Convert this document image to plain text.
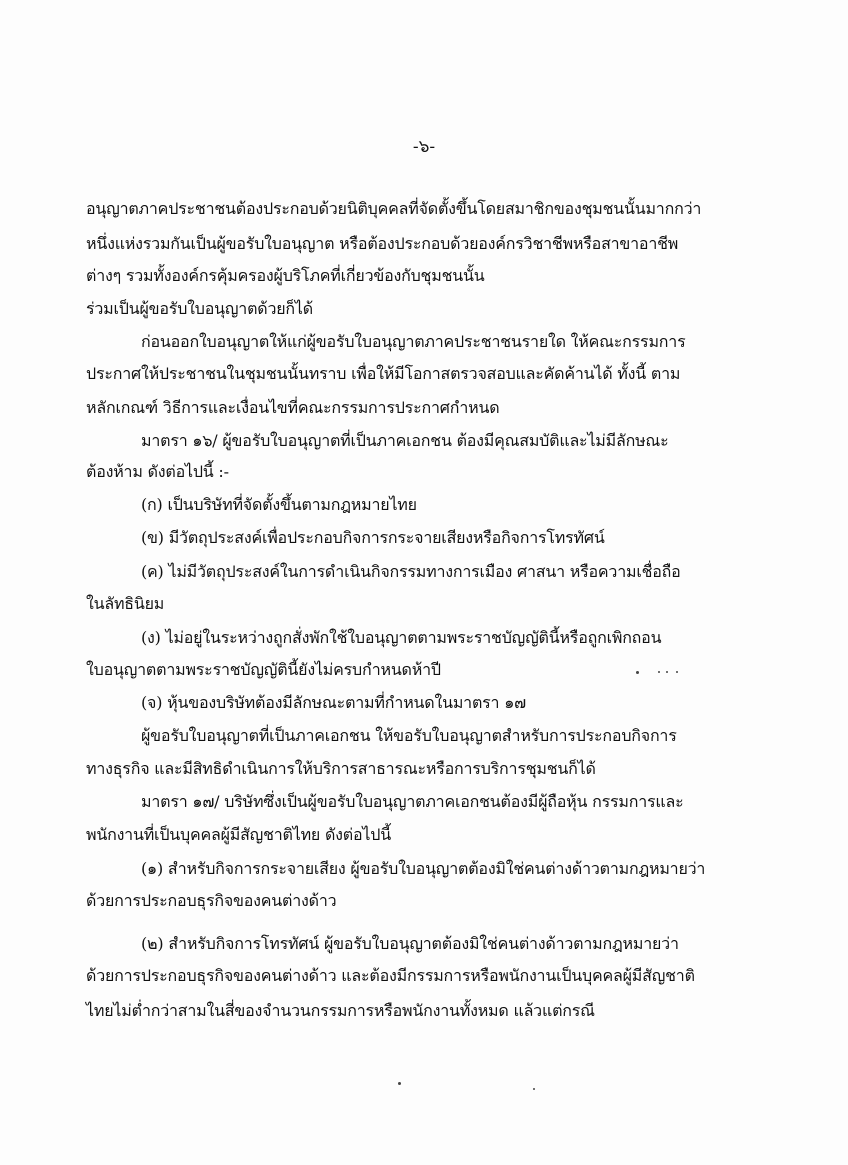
-๖-
อนุญาตภาคประชาชนต้องประกอบด้วยนิติบุคคลที่จัดตั้งขึ้นโดยสมาชิกของชุมชนนั้นมากกว่า
หนึ่งแห่งรวมกันเป็นผู้ขอรับใบอนุญาต หรือต้องประกอบด้วยองค์กรวิชาชีพหรือสาขาอาชีพ
ต่างๆ รวมทั้งองค์กรคุ้มครองผู้บริโภคที่เกี่ยวข้องกับชุมชนนั้น
ร่วมเป็นผู้ขอรับใบอนุญาตด้วยก็ได้
ก่อนออกใบอนุญาตให้แก่ผู้ขอรับใบอนุญาตภาคประชาชนรายใด ให้คณะกรรมการ
ประกาศให้ประชาชนในชุมชนนั้นทราบ เพื่อให้มีโอกาสตรวจสอบและคัดค้านได้ ทั้งนี้ ตาม
หลักเกณฑ์ วิธีการและเงื่อนไขที่คณะกรรมการประกาศกำหนด
มาตรา ๑๖/ ผู้ขอรับใบอนุญาตที่เป็นภาคเอกชน ต้องมีคุณสมบัติและไม่มีลักษณะ
ต้องห้าม ดังต่อไปนี้ :-
(ก) เป็นบริษัทที่จัดตั้งขึ้นตามกฎหมายไทย
(ข) มีวัตถุประสงค์เพื่อประกอบกิจการกระจายเสียงหรือกิจการโทรทัศน์
(ค) ไม่มีวัตถุประสงค์ในการดำเนินกิจกรรมทางการเมือง ศาสนา หรือความเชื่อถือ
ในลัทธินิยม
(ง) ไม่อยู่ในระหว่างถูกสั่งพักใช้ใบอนุญาตตามพระราชบัญญัตินี้หรือถูกเพิกถอน
ใบอนุญาตตามพระราชบัญญัตินี้ยังไม่ครบกำหนดห้าปี
(จ) หุ้นของบริษัทต้องมีลักษณะตามที่กำหนดในมาตรา ๑๗
ผู้ขอรับใบอนุญาตที่เป็นภาคเอกชน ให้ขอรับใบอนุญาตสำหรับการประกอบกิจการ
ทางธุรกิจ และมีสิทธิดำเนินการให้บริการสาธารณะหรือการบริการชุมชนก็ได้
มาตรา ๑๗/ บริษัทซึ่งเป็นผู้ขอรับใบอนุญาตภาคเอกชนต้องมีผู้ถือหุ้น กรรมการและ
พนักงานที่เป็นบุคคลผู้มีสัญชาติไทย ดังต่อไปนี้
(๑) สำหรับกิจการกระจายเสียง ผู้ขอรับใบอนุญาตต้องมิใช่คนต่างด้าวตามกฎหมายว่า
ด้วยการประกอบธุรกิจของคนต่างด้าว
(๒) สำหรับกิจการโทรทัศน์ ผู้ขอรับใบอนุญาตต้องมิใช่คนต่างด้าวตามกฎหมายว่า
ด้วยการประกอบธุรกิจของคนต่างด้าว และต้องมีกรรมการหรือพนักงานเป็นบุคคลผู้มีสัญชาติ
ไทยไม่ต่ำกว่าสามในสี่ของจำนวนกรรมการหรือพนักงานทั้งหมด แล้วแต่กรณี
